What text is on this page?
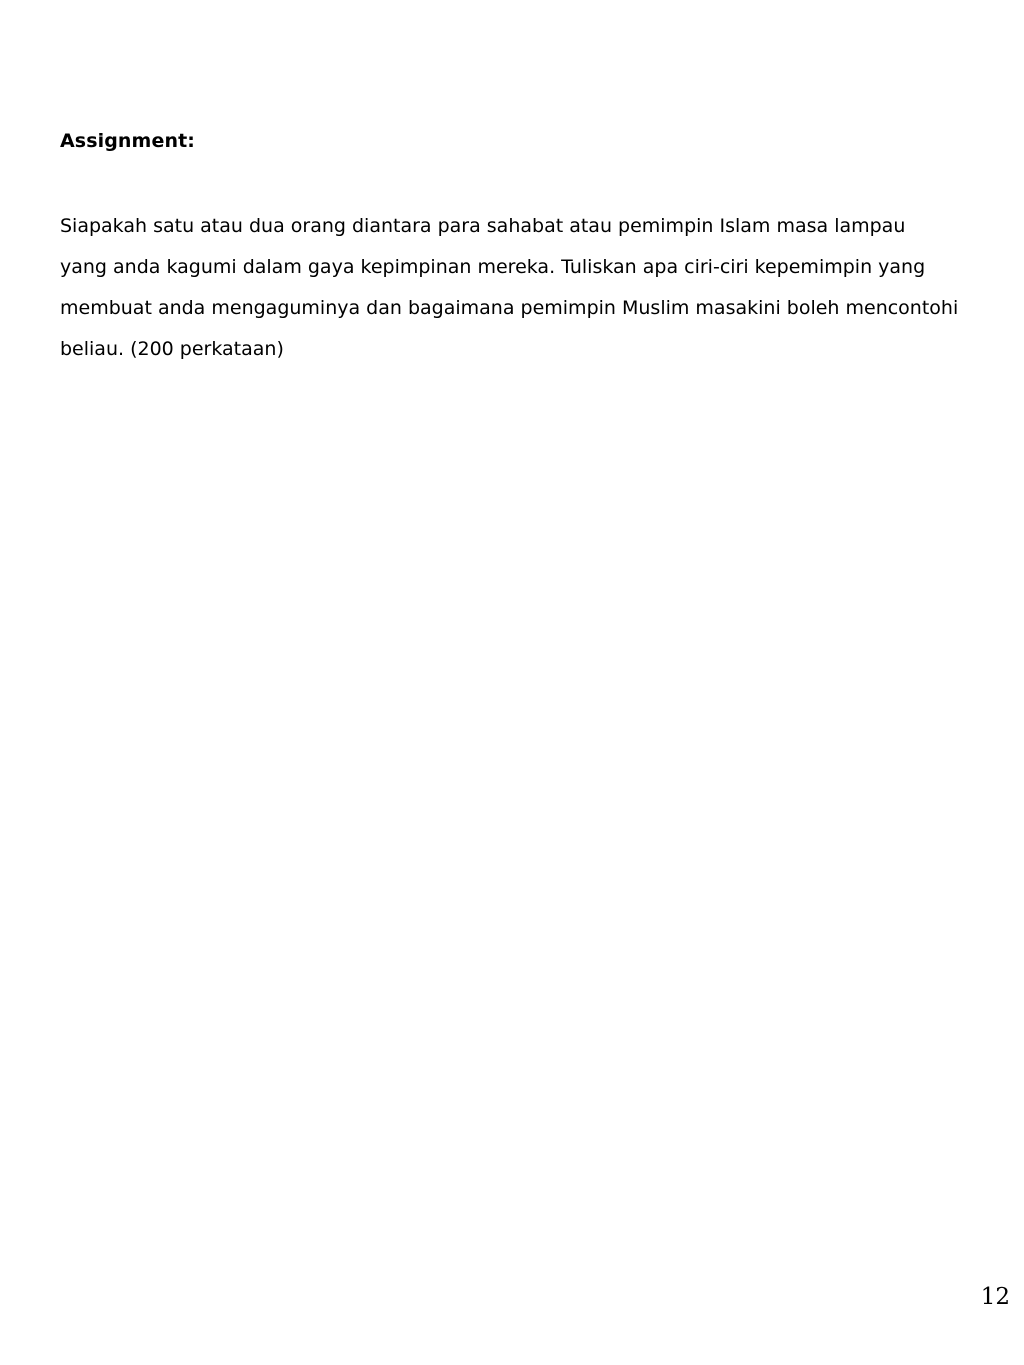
Assignment:
Siapakah satu atau dua orang diantara para sahabat atau pemimpin Islam masa lampau
yang anda kagumi dalam gaya kepimpinan mereka. Tuliskan apa ciri-ciri kepemimpin yang
membuat anda mengaguminya dan bagaimana pemimpin Muslim masakini boleh mencontohi
beliau. (200 perkataan)
12
